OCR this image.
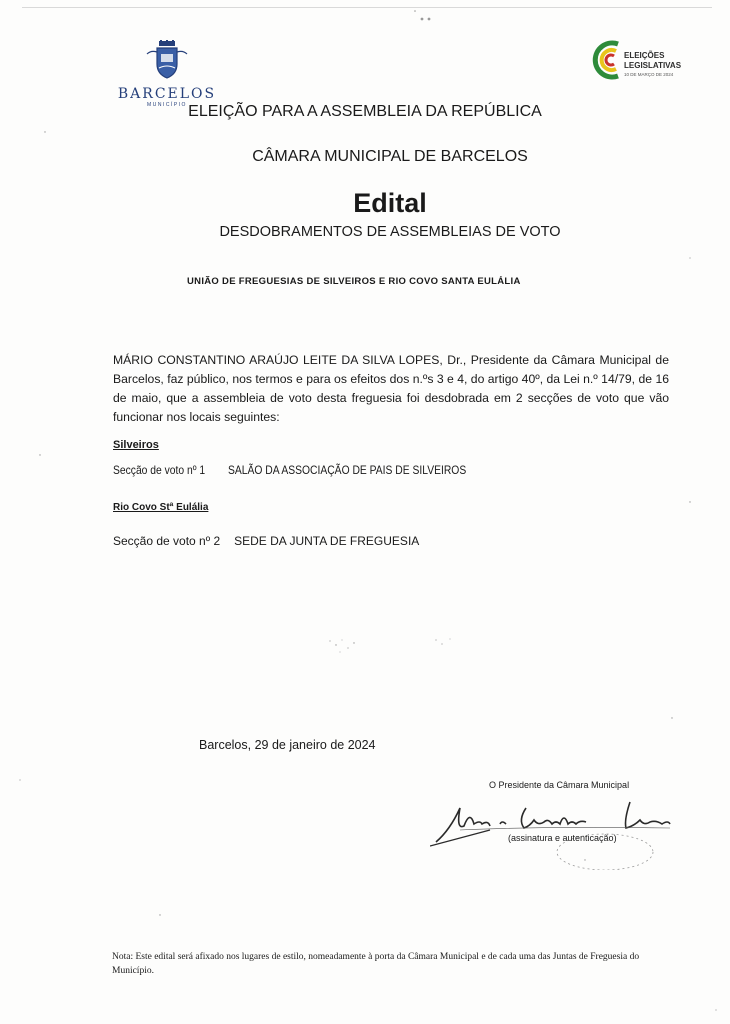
BARCELOS
MUNICÍPIO
ELEIÇÕES
LEGISLATIVAS
10 DE MARÇO DE 2024
ELEIÇÃO PARA A ASSEMBLEIA DA REPÚBLICA
CÂMARA MUNICIPAL DE BARCELOS
Edital
DESDOBRAMENTOS DE ASSEMBLEIAS DE VOTO
UNIÃO DE FREGUESIAS DE SILVEIROS E RIO COVO SANTA EULÁLIA
MÁRIO CONSTANTINO ARAÚJO LEITE DA SILVA LOPES, Dr., Presidente da Câmara Municipal de Barcelos, faz público, nos termos e para os efeitos dos n.ºs 3 e 4, do artigo 40º, da Lei n.º 14/79, de 16 de maio, que a assembleia de voto desta freguesia foi desdobrada em 2 secções de voto que vão funcionar nos locais seguintes:
Silveiros
Secção de voto nº 1 SALÃO DA ASSOCIAÇÃO DE PAIS DE SILVEIROS
Rio Covo Stª Eulália
Secção de voto nº 2 SEDE DA JUNTA DE FREGUESIA
Barcelos, 29 de janeiro de 2024
O Presidente da Câmara Municipal
(assinatura e autenticação)
Nota: Este edital será afixado nos lugares de estilo, nomeadamente à porta da Câmara Municipal e de cada uma das Juntas de Freguesia do Município.
